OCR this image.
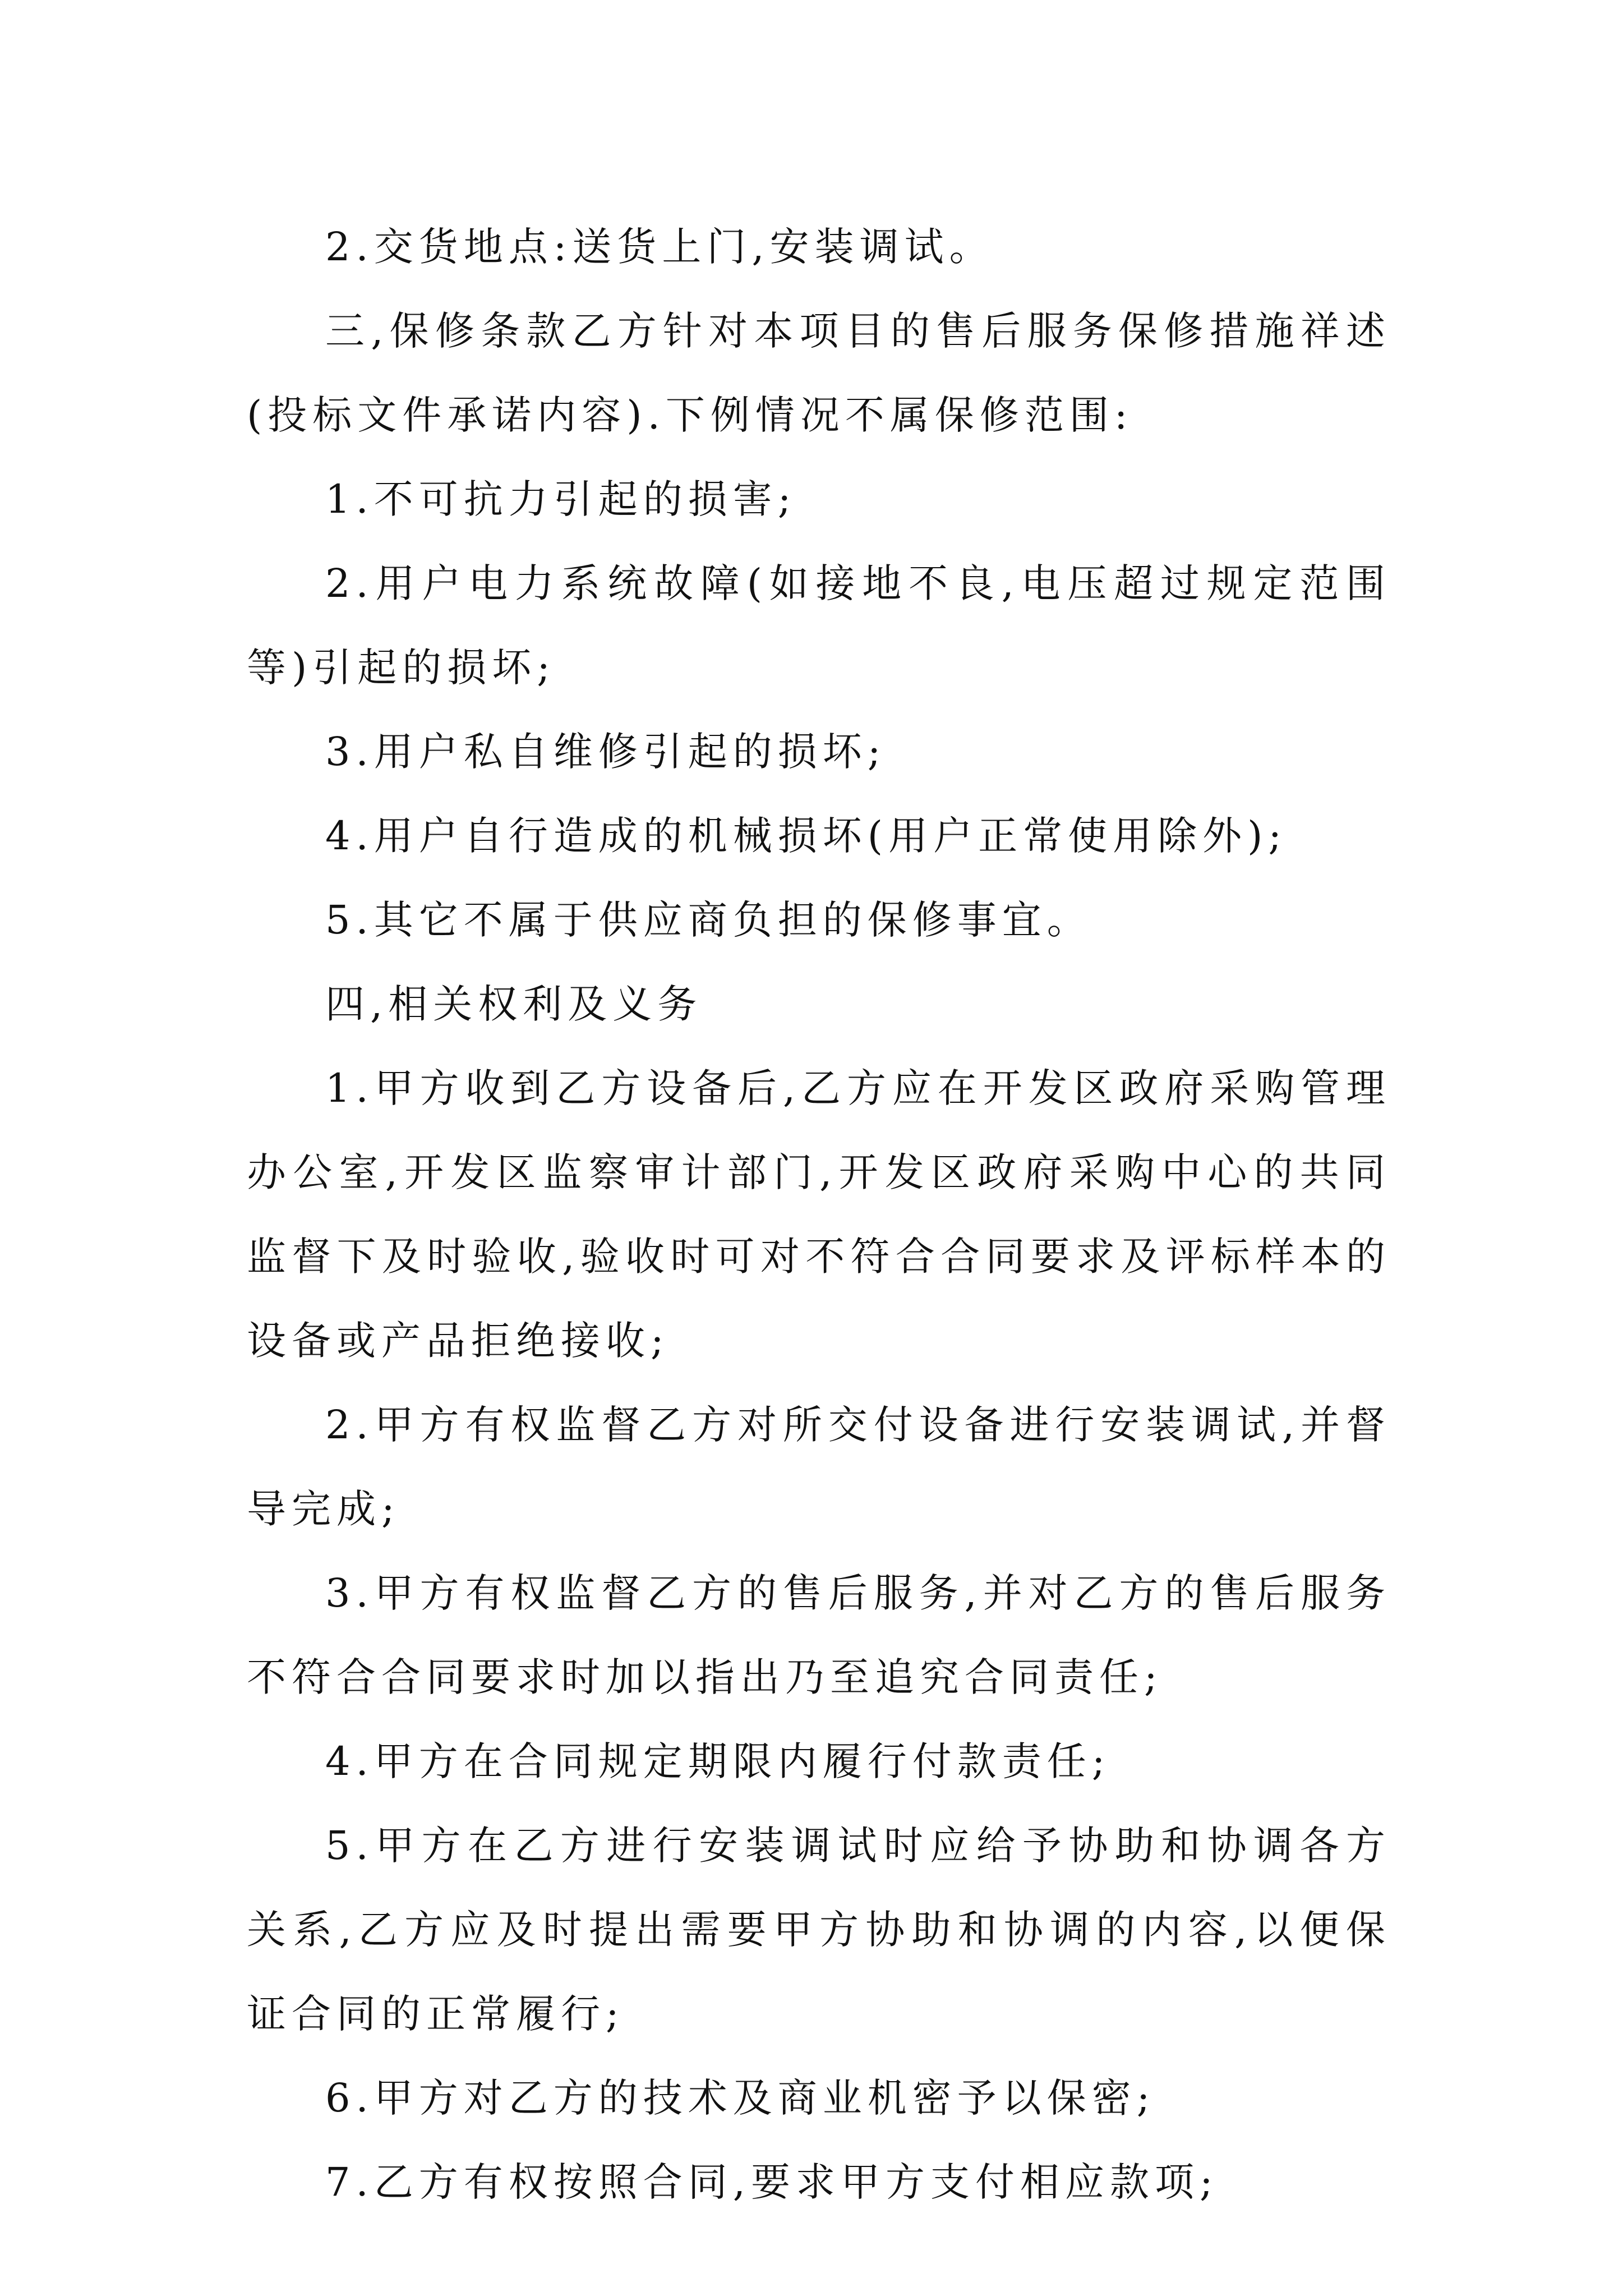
2.交货地点:送货上门,安装调试。

三,保修条款乙方针对本项目的售后服务保修措施祥述(投标文件承诺内容).下例情况不属保修范围:

1.不可抗力引起的损害;

2.用户电力系统故障(如接地不良,电压超过规定范围等)引起的损坏;

3.用户私自维修引起的损坏;

4.用户自行造成的机械损坏(用户正常使用除外);

5.其它不属于供应商负担的保修事宜。

四,相关权利及义务

1.甲方收到乙方设备后,乙方应在开发区政府采购管理办公室,开发区监察审计部门,开发区政府采购中心的共同监督下及时验收,验收时可对不符合合同要求及评标样本的设备或产品拒绝接收;

2.甲方有权监督乙方对所交付设备进行安装调试,并督导完成;

3.甲方有权监督乙方的售后服务,并对乙方的售后服务不符合合同要求时加以指出乃至追究合同责任;

4.甲方在合同规定期限内履行付款责任;

5.甲方在乙方进行安装调试时应给予协助和协调各方关系,乙方应及时提出需要甲方协助和协调的内容,以便保证合同的正常履行;

6.甲方对乙方的技术及商业机密予以保密;

7.乙方有权按照合同,要求甲方支付相应款项;
